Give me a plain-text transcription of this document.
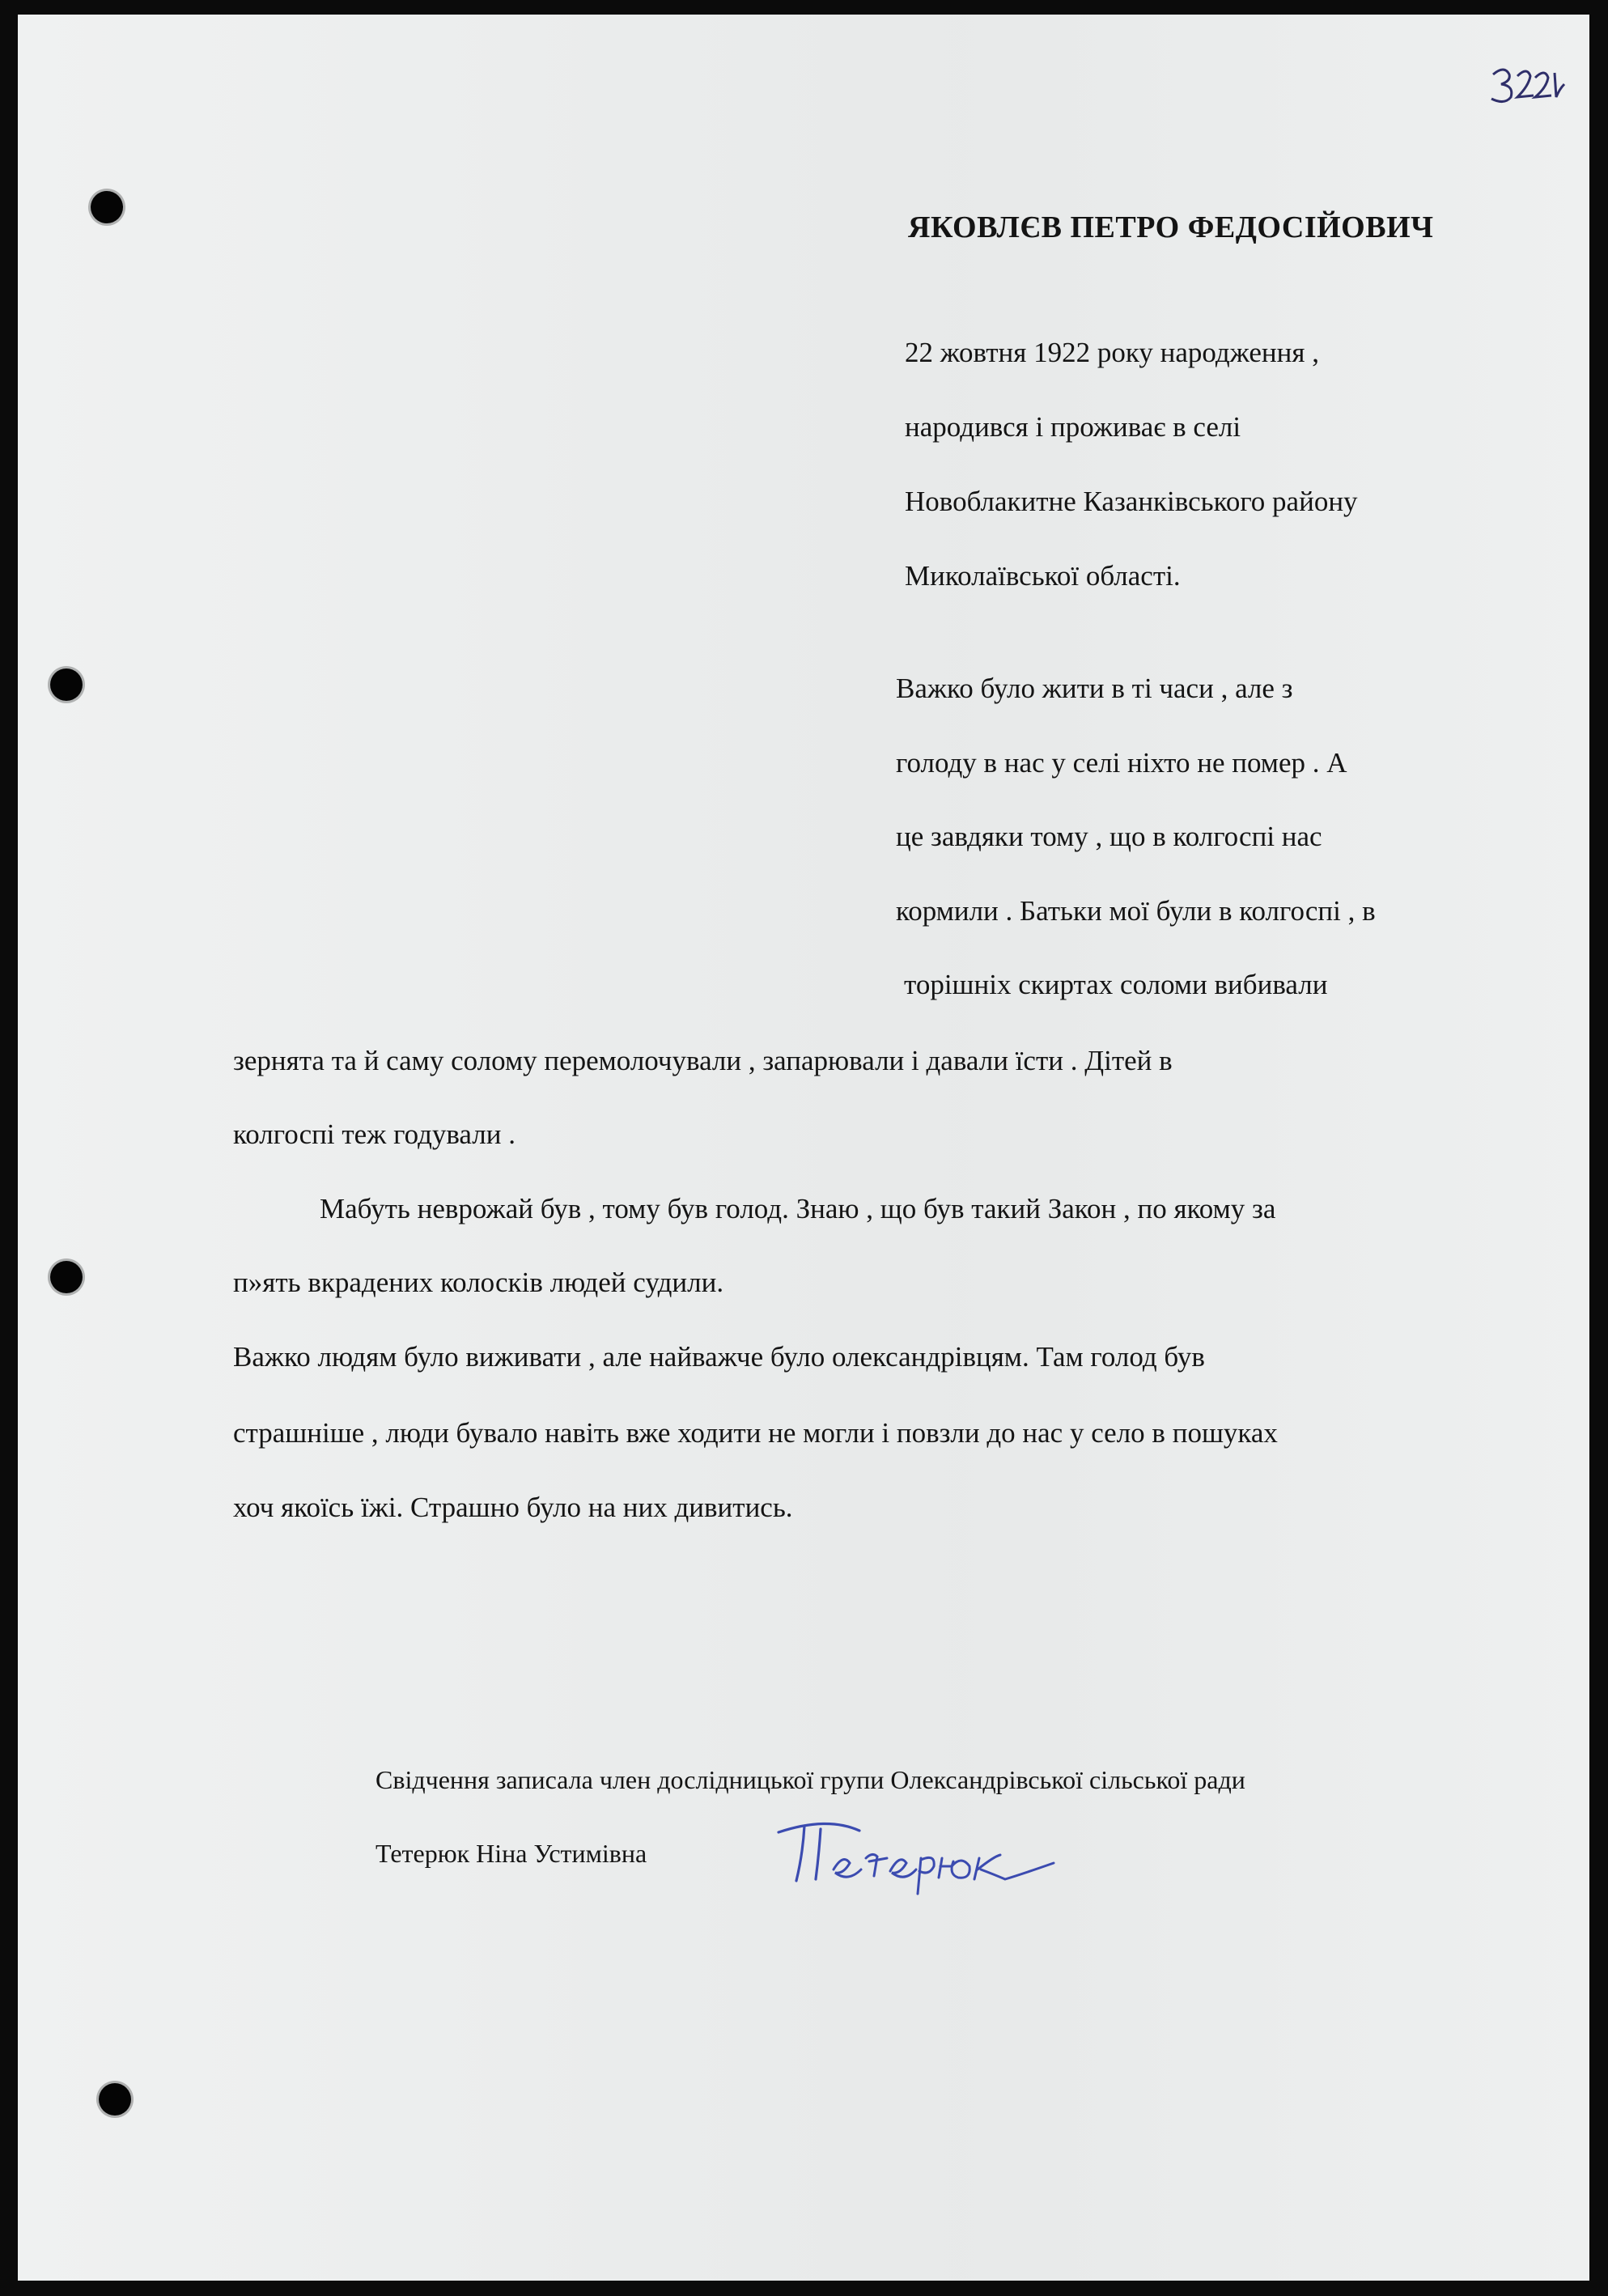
ЯКОВЛЄВ ПЕТРО ФЕДОСІЙОВИЧ
22 жовтня 1922 року народження ,
народився і проживає в селі
Новоблакитне Казанківського району
Миколаївської області.
Важко було жити в ті часи , але з
голоду в нас у селі ніхто не помер . А
це завдяки тому , що в колгоспі нас
кормили . Батьки мої були в колгоспі , в
торішніх скиртах соломи вибивали
зернята та й саму солому перемолочували , запарювали і давали їсти . Дітей в
колгоспі теж годували .
Мабуть неврожай був , тому був голод. Знаю , що був такий Закон , по якому за
п»ять вкрадених колосків людей судили.
Важко людям було виживати , але найважче було олександрівцям. Там голод був
страшніше , люди бувало навіть вже ходити не могли і повзли до нас у село в пошуках
хоч якоїсь їжі. Страшно було на них дивитись.
Свідчення записала член дослідницької групи Олександрівської сільської ради
Тетерюк Ніна Устимівна
